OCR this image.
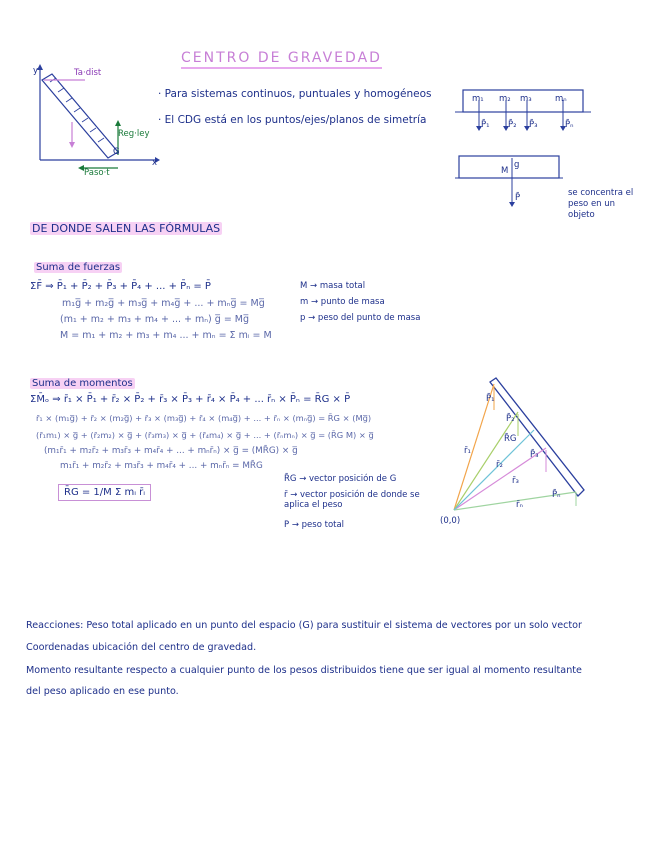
CENTRO DE GRAVEDAD
y
x
Ta·dist
Reg·ley
Paso·t
G
· Para sistemas continuos, puntuales y homogéneos
· El CDG está en los puntos/ejes/planos de simetría
m₁ m₂ m₃	mₙ
P̄₁ P̄₂ P̄₃	P̄ₙ
M
g
P̄	se concentra el peso en un objeto
DE DONDE SALEN LAS FÓRMULAS
Suma de fuerzas
ΣF̄ ⇒ P̄₁ + P̄₂ + P̄₃ + P̄₄ + ... + P̄ₙ = P̄
m₁g̅ + m₂g̅ + m₃g̅ + m₄g̅ + ... + mₙg̅ = Mg̅
(m₁ + m₂ + m₃ + m₄ + ... + mₙ) g̅ = Mg̅
M = m₁ + m₂ + m₃ + m₄ ... + mₙ = Σ mᵢ = M
M → masa total
m → punto de masa
p → peso del punto de masa
Suma de momentos
ΣM̄ₒ ⇒ r̄₁ × P̄₁ + r̄₂ × P̄₂ + r̄₃ × P̄₃ + r̄₄ × P̄₄ + ... r̄ₙ × P̄ₙ = R̄G × P̄
r̄₁ × (m₁g̅) + r̄₂ × (m₂g̅) + r̄₃ × (m₃g̅) + r̄₄ × (m₄g̅) + ... + r̄ₙ × (mₙg̅) = R̄G × (Mg̅)
(r̄₁m₁) × g̅ + (r̄₂m₂) × g̅ + (r̄₃m₃) × g̅ + (r̄₄m₄) × g̅ + ... + (r̄ₙmₙ) × g̅ = (R̄G M) × g̅
(m₁r̄₁ + m₂r̄₂ + m₃r̄₃ + m₄r̄₄ + ... + mₙr̄ₙ) × g̅ = (MR̄G) × g̅
m₁r̄₁ + m₂r̄₂ + m₃r̄₃ + m₄r̄₄ + ... + mₙr̄ₙ = MR̄G
R̄G = 1/M Σ mᵢ r̄ᵢ
R̄G → vector posición de G
r̄ → vector posición de donde se aplica el peso
P → peso total	(0,0)
P̄₁
P̄₂
P̄₃
P̄ₙ
r̄₁
r̄₂
r̄₃
r̄ₙ
R̄G
Reacciones: Peso total aplicado en un punto del espacio (G) para sustituir el sistema de vectores por un solo vector
Coordenadas ubicación del centro de gravedad.
Momento resultante respecto a cualquier punto de los pesos distribuidos tiene que ser igual al momento resultante
del peso aplicado en ese punto.
